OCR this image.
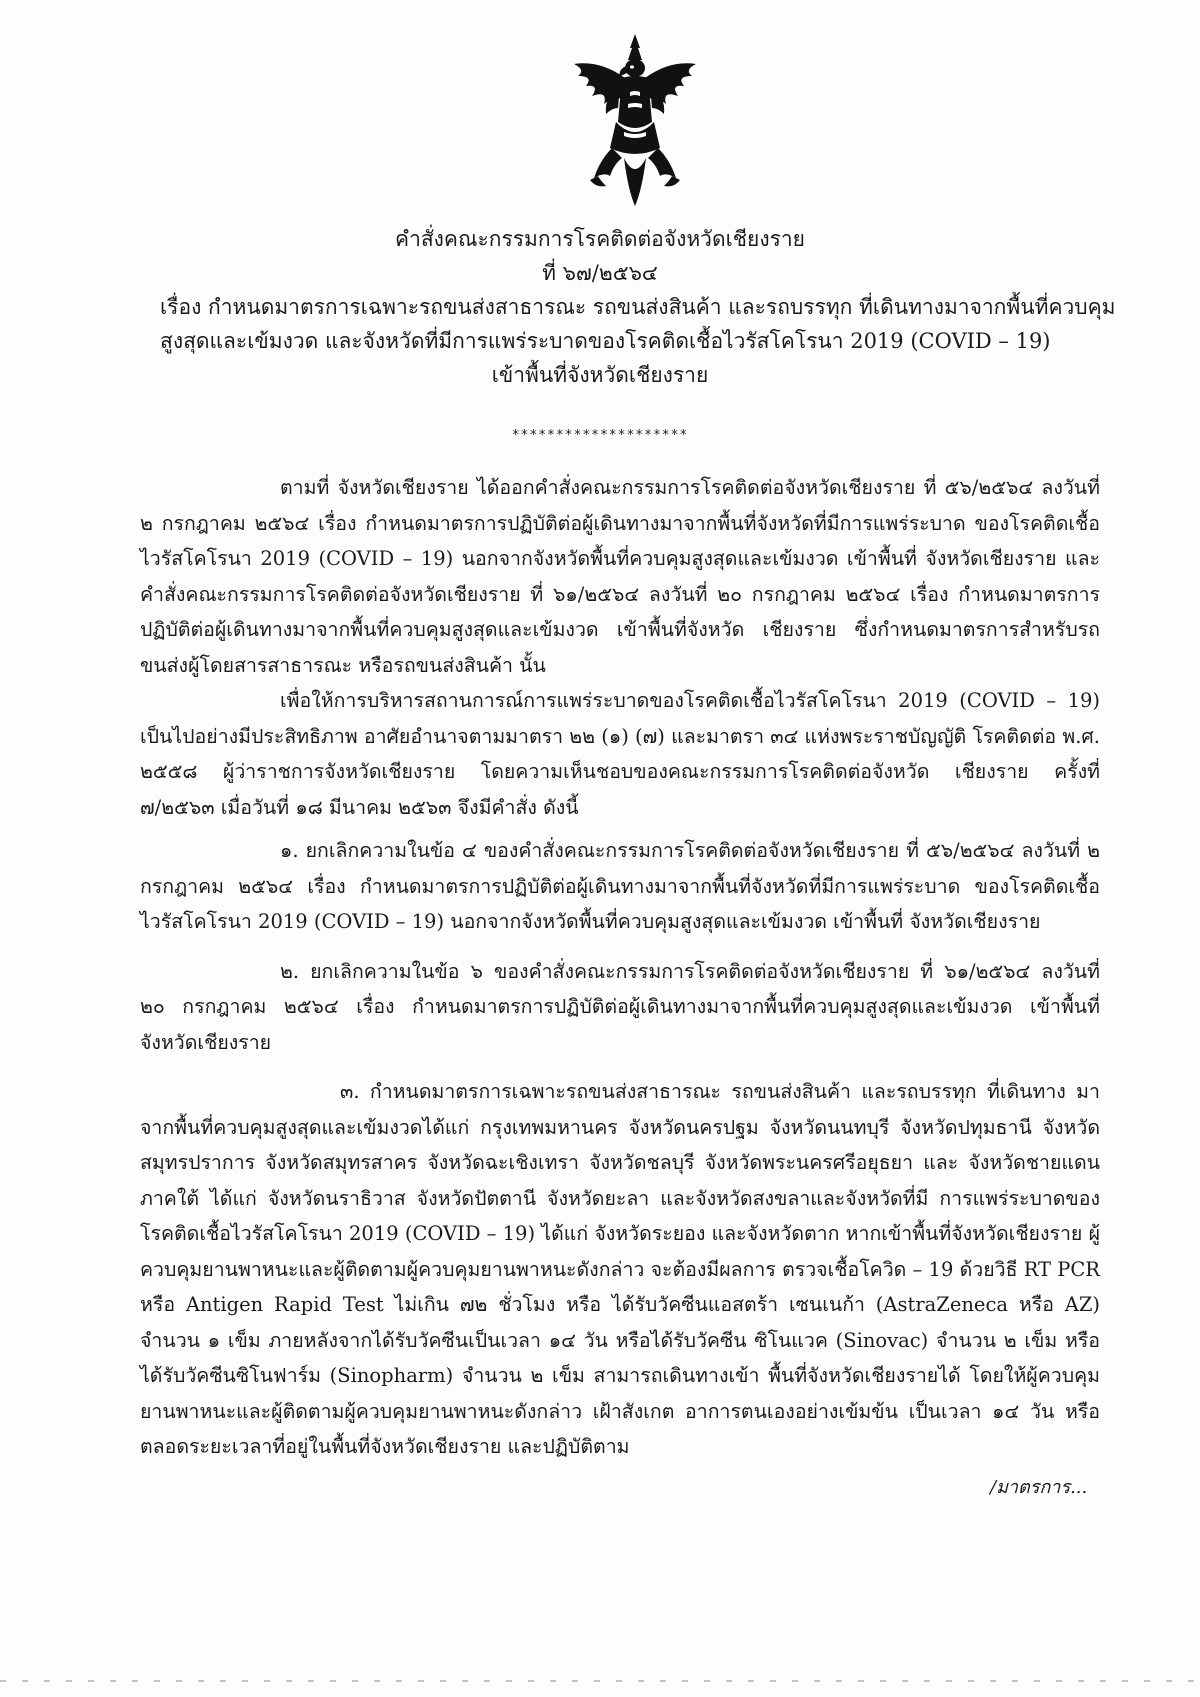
คำสั่งคณะกรรมการโรคติดต่อจังหวัดเชียงราย
ที่ ๖๗/๒๕๖๔
เรื่อง กำหนดมาตรการเฉพาะรถขนส่งสาธารณะ รถขนส่งสินค้า และรถบรรทุก ที่เดินทางมาจากพื้นที่ควบคุม
สูงสุดและเข้มงวด และจังหวัดที่มีการแพร่ระบาดของโรคติดเชื้อไวรัสโคโรนา 2019 (COVID – 19)
เข้าพื้นที่จังหวัดเชียงราย
********************

ตามที่ จังหวัดเชียงราย ได้ออกคำสั่งคณะกรรมการโรคติดต่อจังหวัดเชียงราย ที่ ๕๖/๒๕๖๔ ลงวันที่ ๒ กรกฎาคม ๒๕๖๔ เรื่อง กำหนดมาตรการปฏิบัติต่อผู้เดินทางมาจากพื้นที่จังหวัดที่มีการแพร่ระบาด ของโรคติดเชื้อไวรัสโคโรนา 2019 (COVID – 19) นอกจากจังหวัดพื้นที่ควบคุมสูงสุดและเข้มงวด เข้าพื้นที่ จังหวัดเชียงราย และคำสั่งคณะกรรมการโรคติดต่อจังหวัดเชียงราย ที่ ๖๑/๒๕๖๔ ลงวันที่ ๒๐ กรกฎาคม ๒๕๖๔ เรื่อง กำหนดมาตรการปฏิบัติต่อผู้เดินทางมาจากพื้นที่ควบคุมสูงสุดและเข้มงวด เข้าพื้นที่จังหวัด เชียงราย ซึ่งกำหนดมาตรการสำหรับรถขนส่งผู้โดยสารสาธารณะ หรือรถขนส่งสินค้า นั้น

เพื่อให้การบริหารสถานการณ์การแพร่ระบาดของโรคติดเชื้อไวรัสโคโรนา 2019 (COVID – 19) เป็นไปอย่างมีประสิทธิภาพ อาศัยอำนาจตามมาตรา ๒๒ (๑) (๗) และมาตรา ๓๔ แห่งพระราชบัญญัติ โรคติดต่อ พ.ศ. ๒๕๕๘ ผู้ว่าราชการจังหวัดเชียงราย โดยความเห็นชอบของคณะกรรมการโรคติดต่อจังหวัด เชียงราย ครั้งที่ ๗/๒๕๖๓ เมื่อวันที่ ๑๘ มีนาคม ๒๕๖๓ จึงมีคำสั่ง ดังนี้

๑. ยกเลิกความในข้อ ๔ ของคำสั่งคณะกรรมการโรคติดต่อจังหวัดเชียงราย ที่ ๕๖/๒๕๖๔ ลงวันที่ ๒ กรกฎาคม ๒๕๖๔ เรื่อง กำหนดมาตรการปฏิบัติต่อผู้เดินทางมาจากพื้นที่จังหวัดที่มีการแพร่ระบาด ของโรคติดเชื้อไวรัสโคโรนา 2019 (COVID – 19) นอกจากจังหวัดพื้นที่ควบคุมสูงสุดและเข้มงวด เข้าพื้นที่ จังหวัดเชียงราย

๒. ยกเลิกความในข้อ ๖ ของคำสั่งคณะกรรมการโรคติดต่อจังหวัดเชียงราย ที่ ๖๑/๒๕๖๔ ลงวันที่ ๒๐ กรกฎาคม ๒๕๖๔ เรื่อง กำหนดมาตรการปฏิบัติต่อผู้เดินทางมาจากพื้นที่ควบคุมสูงสุดและเข้มงวด เข้าพื้นที่จังหวัดเชียงราย

๓. กำหนดมาตรการเฉพาะรถขนส่งสาธารณะ รถขนส่งสินค้า และรถบรรทุก ที่เดินทาง มาจากพื้นที่ควบคุมสูงสุดและเข้มงวดได้แก่ กรุงเทพมหานคร จังหวัดนครปฐม จังหวัดนนทบุรี จังหวัดปทุมธานี จังหวัดสมุทรปราการ จังหวัดสมุทรสาคร จังหวัดฉะเชิงเทรา จังหวัดชลบุรี จังหวัดพระนครศรีอยุธยา และ จังหวัดชายแดนภาคใต้ ได้แก่ จังหวัดนราธิวาส จังหวัดปัตตานี จังหวัดยะลา และจังหวัดสงขลาและจังหวัดที่มี การแพร่ระบาดของโรคติดเชื้อไวรัสโคโรนา 2019 (COVID – 19) ได้แก่ จังหวัดระยอง และจังหวัดตาก หากเข้าพื้นที่จังหวัดเชียงราย ผู้ควบคุมยานพาหนะและผู้ติดตามผู้ควบคุมยานพาหนะดังกล่าว จะต้องมีผลการ ตรวจเชื้อโควิด – 19 ด้วยวิธี RT PCR หรือ Antigen Rapid Test ไม่เกิน ๗๒ ชั่วโมง หรือ ได้รับวัคซีนแอสตร้า เซนเนก้า (AstraZeneca หรือ AZ) จำนวน ๑ เข็ม ภายหลังจากได้รับวัคซีนเป็นเวลา ๑๔ วัน หรือได้รับวัคซีน ซิโนแวค (Sinovac) จำนวน ๒ เข็ม หรือได้รับวัคซีนซิโนฟาร์ม (Sinopharm) จำนวน ๒ เข็ม สามารถเดินทางเข้า พื้นที่จังหวัดเชียงรายได้ โดยให้ผู้ควบคุมยานพาหนะและผู้ติดตามผู้ควบคุมยานพาหนะดังกล่าว เฝ้าสังเกต อาการตนเองอย่างเข้มข้น เป็นเวลา ๑๔ วัน หรือตลอดระยะเวลาที่อยู่ในพื้นที่จังหวัดเชียงราย และปฏิบัติตาม

/มาตรการ...
